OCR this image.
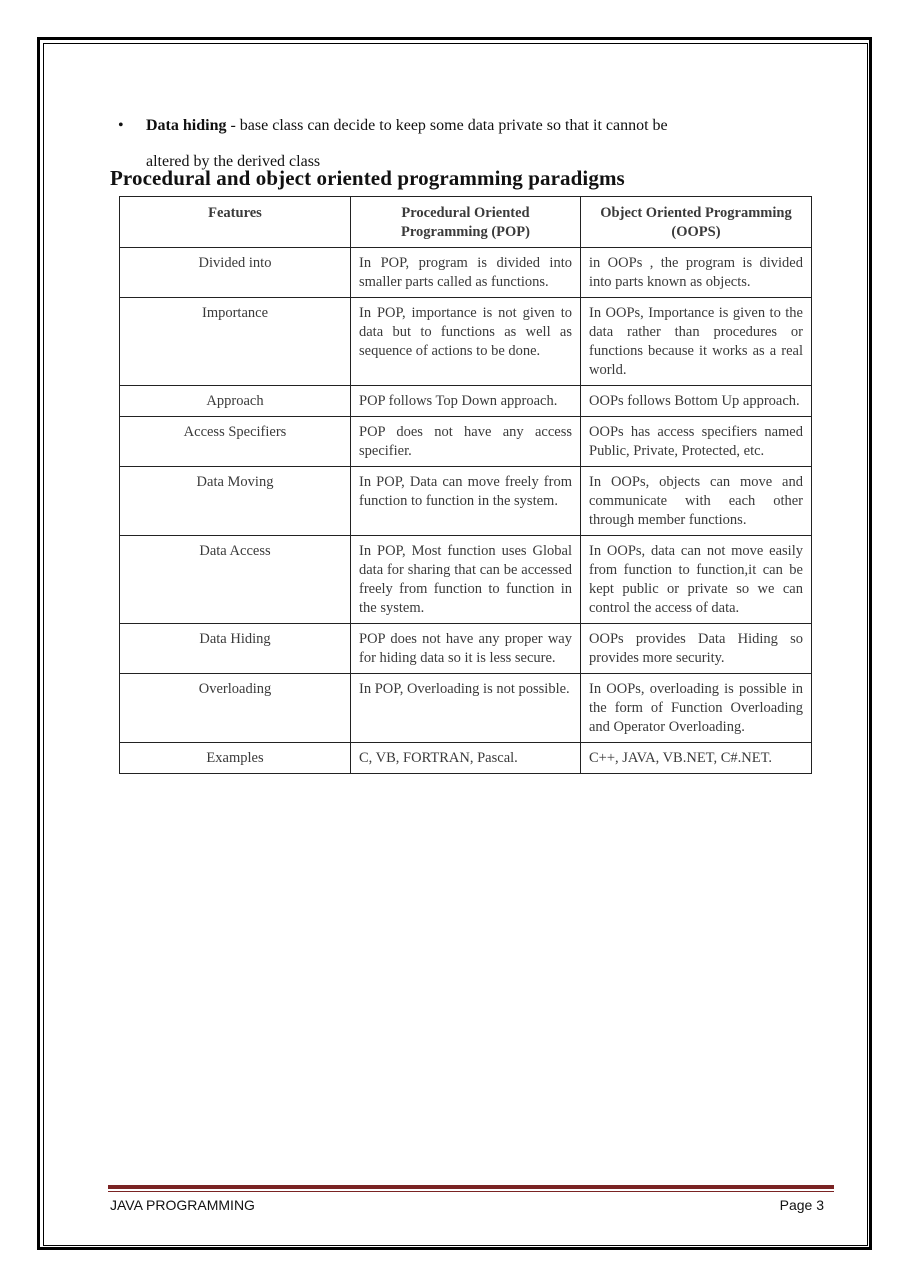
• Data hiding - base class can decide to keep some data private so that it cannot be
altered by the derived class
Procedural and object oriented programming paradigms
Features	Procedural Oriented Programming (POP)	Object Oriented Programming (OOPS)
Divided into	In POP, program is divided into smaller parts called as functions.	in OOPs , the program is divided into parts known as objects.
Importance	In POP, importance is not given to data but to functions as well as sequence of actions to be done.	In OOPs, Importance is given to the data rather than procedures or functions because it works as a real world.
Approach	POP follows Top Down approach.	OOPs follows Bottom Up approach.
Access Specifiers	POP does not have any access specifier.	OOPs has access specifiers named Public, Private, Protected, etc.
Data Moving	In POP, Data can move freely from function to function in the system.	In OOPs, objects can move and communicate with each other through member functions.
Data Access	In POP, Most function uses Global data for sharing that can be accessed freely from function to function in the system.	In OOPs, data can not move easily from function to function,it can be kept public or private so we can control the access of data.
Data Hiding	POP does not have any proper way for hiding data so it is less secure.	OOPs provides Data Hiding so provides more security.
Overloading	In POP, Overloading is not possible.	In OOPs, overloading is possible in the form of Function Overloading and Operator Overloading.
Examples	C, VB, FORTRAN, Pascal.	C++, JAVA, VB.NET, C#.NET.
JAVA PROGRAMMING	Page 3
